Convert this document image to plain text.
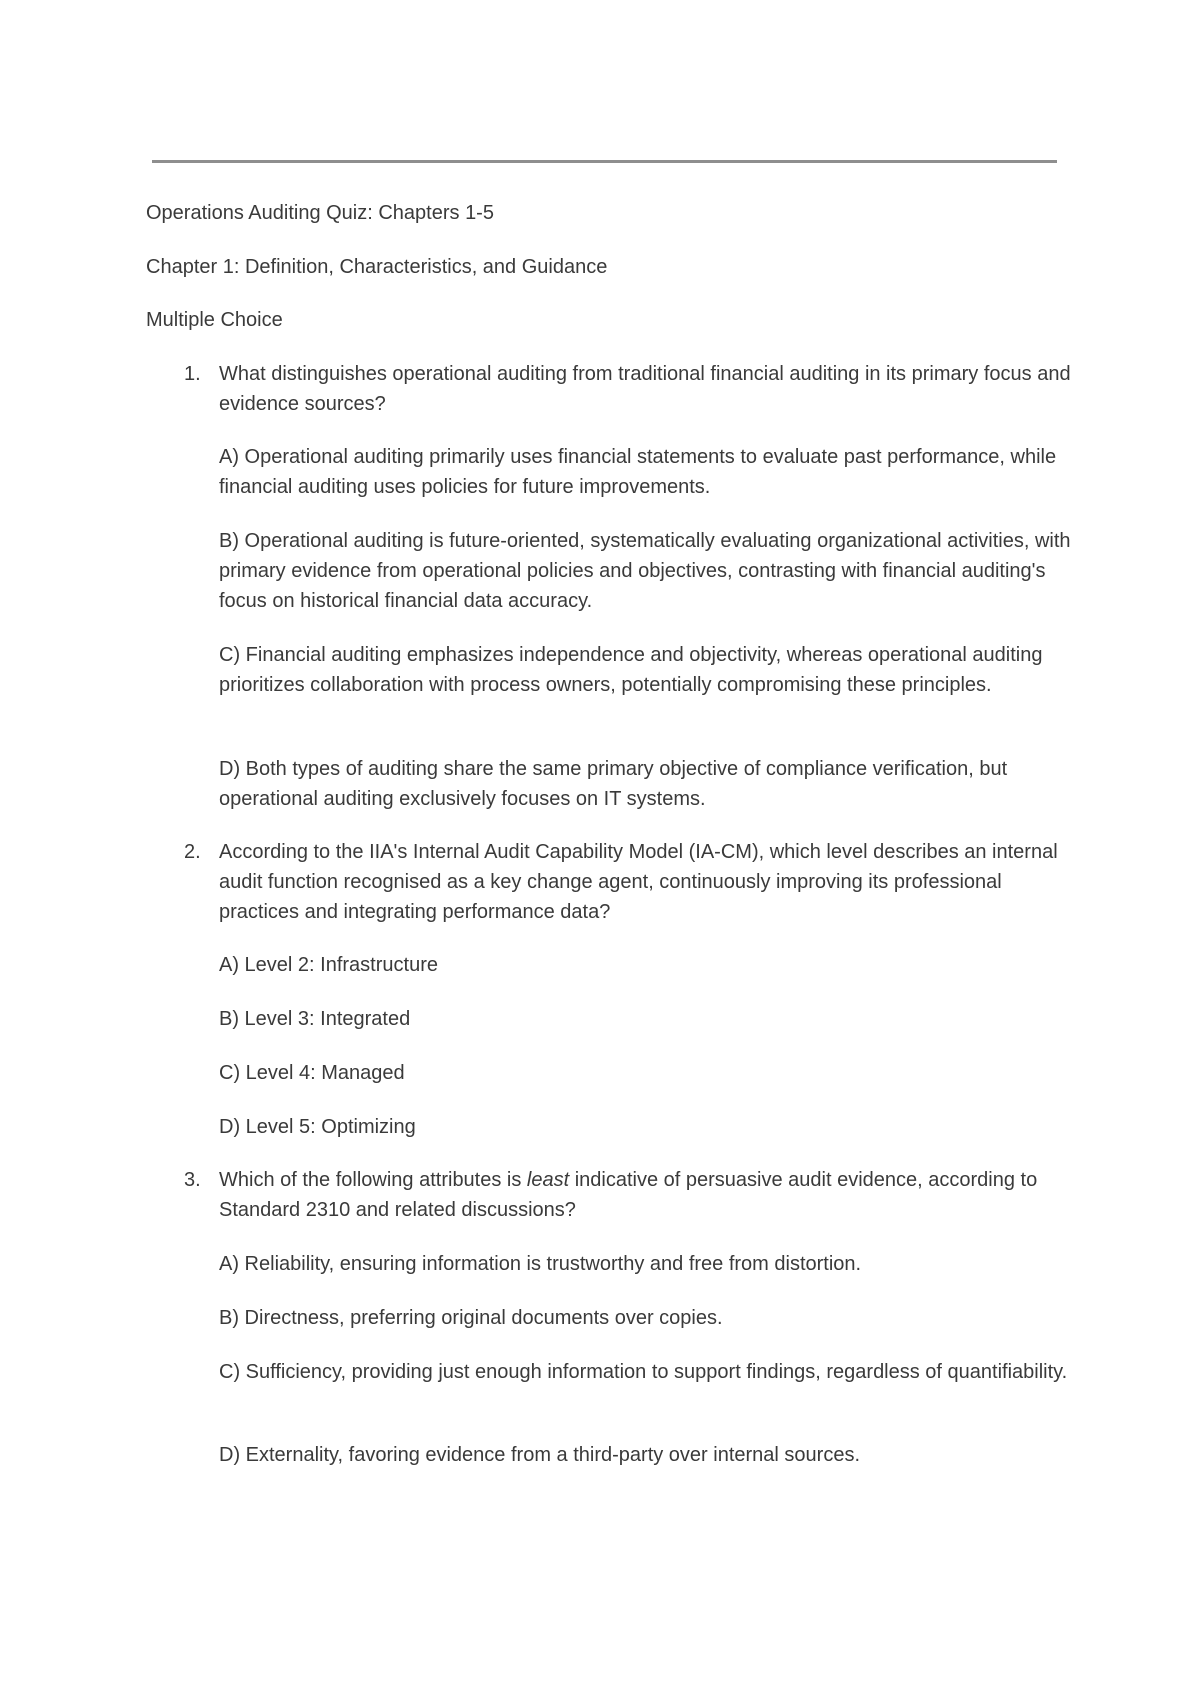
Operations Auditing Quiz: Chapters 1-5
Chapter 1: Definition, Characteristics, and Guidance
Multiple Choice
1. What distinguishes operational auditing from traditional financial auditing in its primary focus and evidence sources?
A) Operational auditing primarily uses financial statements to evaluate past performance, while financial auditing uses policies for future improvements.
B) Operational auditing is future-oriented, systematically evaluating organizational activities, with primary evidence from operational policies and objectives, contrasting with financial auditing's focus on historical financial data accuracy.
C) Financial auditing emphasizes independence and objectivity, whereas operational auditing prioritizes collaboration with process owners, potentially compromising these principles.
D) Both types of auditing share the same primary objective of compliance verification, but operational auditing exclusively focuses on IT systems.
2. According to the IIA's Internal Audit Capability Model (IA-CM), which level describes an internal audit function recognised as a key change agent, continuously improving its professional practices and integrating performance data?
A) Level 2: Infrastructure
B) Level 3: Integrated
C) Level 4: Managed
D) Level 5: Optimizing
3. Which of the following attributes is least indicative of persuasive audit evidence, according to Standard 2310 and related discussions?
A) Reliability, ensuring information is trustworthy and free from distortion.
B) Directness, preferring original documents over copies.
C) Sufficiency, providing just enough information to support findings, regardless of quantifiability.
D) Externality, favoring evidence from a third-party over internal sources.
